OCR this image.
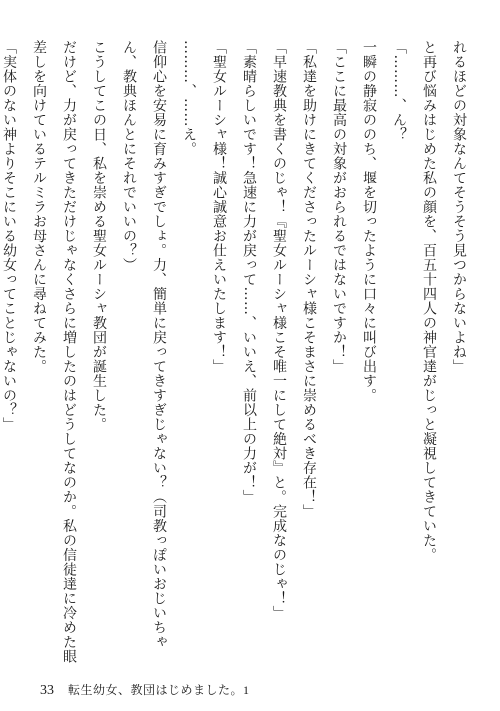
れるほどの対象なんてそうそう見つからないよね」

と再び悩みはじめた私の顔を、百五十四人の神官達がじっと凝視してきていた。

「………、ん？

一瞬の静寂ののち、堰を切ったように口々に叫び出す。

「ここに最高の対象がおられるではないですか！」

「私達を助けにきてくださったルーシャ様こそまさに崇めるべき存在！」

「早速教典を書くのじゃ！『聖女ルーシャ様こそ唯一にして絶対』と。完成なのじゃ！」

「素晴らしいです！急速に力が戻って……、いいえ、前以上の力が！」

「聖女ルーシャ様！誠心誠意お仕えいたします！」

………、……え。

信仰心を安易に育みすぎでしょ。力、簡単に戻ってきすぎじゃない？（司教っぽいおじいちゃ

ん、教典ほんとにそれでいいの？）

こうしてこの日、私を崇める聖女ルーシャ教団が誕生した。

だけど、力が戻ってきただけじゃなくさらに増したのはどうしてなのか。私の信徒達に冷めた眼

差しを向けているテルミラお母さんに尋ねてみた。

「実体のない神よりそこにいる幼女ってことじゃないの？」

33 転生幼女、教団はじめました。1
